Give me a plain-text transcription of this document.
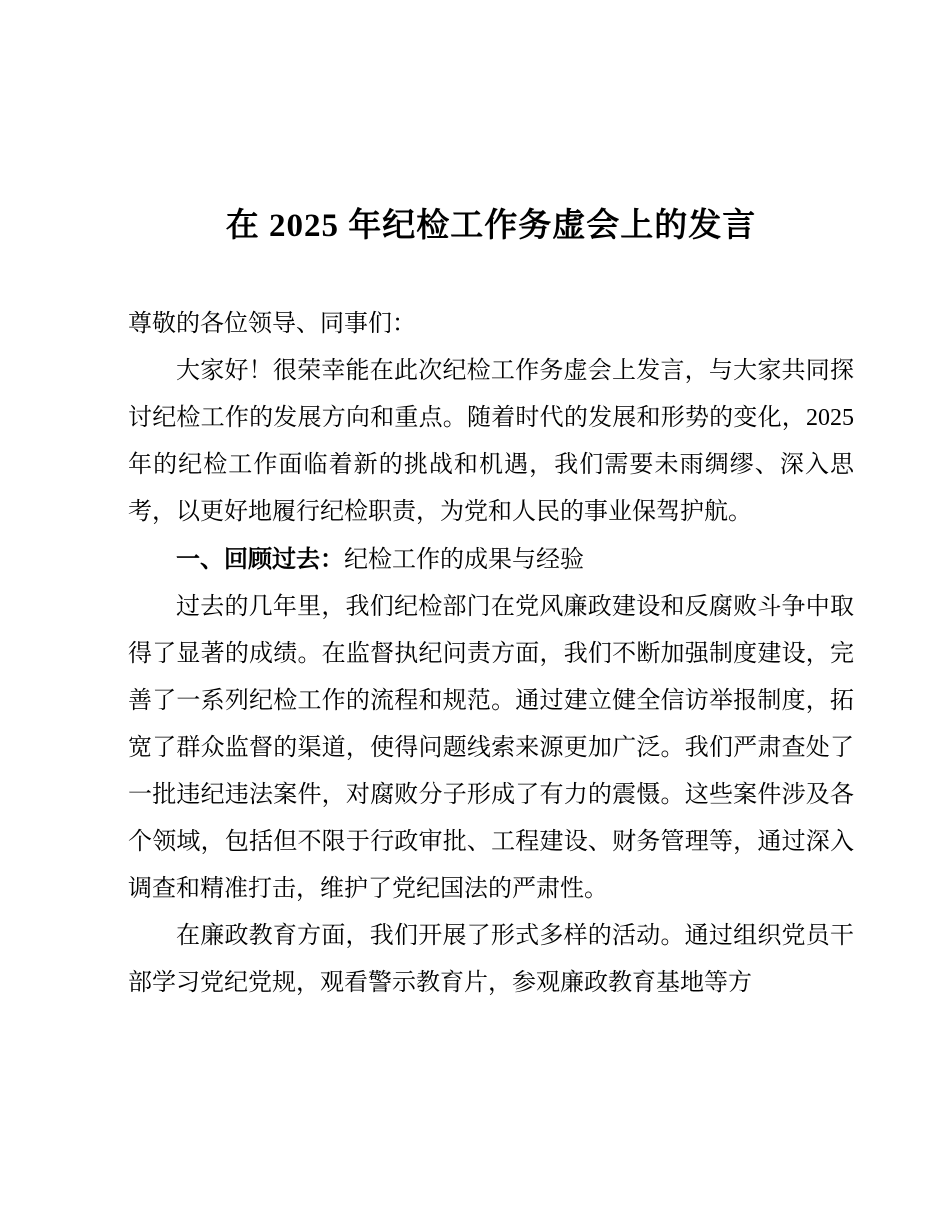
在 2025 年纪检工作务虚会上的发言

尊敬的各位领导、同事们：

大家好！很荣幸能在此次纪检工作务虚会上发言，与大家共同探讨纪检工作的发展方向和重点。随着时代的发展和形势的变化，2025 年的纪检工作面临着新的挑战和机遇，我们需要未雨绸缪、深入思考，以更好地履行纪检职责，为党和人民的事业保驾护航。

一、回顾过去：纪检工作的成果与经验

过去的几年里，我们纪检部门在党风廉政建设和反腐败斗争中取得了显著的成绩。在监督执纪问责方面，我们不断加强制度建设，完善了一系列纪检工作的流程和规范。通过建立健全信访举报制度，拓宽了群众监督的渠道，使得问题线索来源更加广泛。我们严肃查处了一批违纪违法案件，对腐败分子形成了有力的震慑。这些案件涉及各个领域，包括但不限于行政审批、工程建设、财务管理等，通过深入调查和精准打击，维护了党纪国法的严肃性。

在廉政教育方面，我们开展了形式多样的活动。通过组织党员干部学习党纪党规，观看警示教育片，参观廉政教育基地等方
